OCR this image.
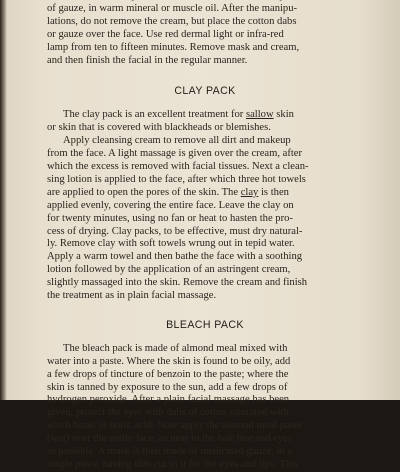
of gauze, in warm mineral or muscle oil. After the manipu-
lations, do not remove the cream, but place the cotton dabs
or gauze over the face. Use red dermal light or infra-red
lamp from ten to fifteen minutes. Remove mask and cream,
and then finish the facial in the regular manner.

CLAY PACK

The clay pack is an excellent treatment for sallow skin
or skin that is covered with blackheads or blemishes.

Apply cleansing cream to remove all dirt and makeup
from the face. A light massage is given over the cream, after
which the excess is removed with facial tissues. Next a clean-
sing lotion is applied to the face, after which three hot towels
are applied to open the pores of the skin. The clay is then
applied evenly, covering the entire face. Leave the clay on
for twenty minutes, using no fan or heat to hasten the pro-
cess of drying. Clay packs, to be effective, must dry natural-
ly. Remove clay with soft towels wrung out in tepid water.
Apply a warm towel and then bathe the face with a soothing
lotion followed by the application of an astringent cream,
slightly massaged into the skin. Remove the cream and finish
the treatment as in plain facial massage.

BLEACH PACK

The bleach pack is made of almond meal mixed with
water into a paste. Where the skin is found to be oily, add
a few drops of tincture of benzoin to the paste; where the
skin is tanned by exposure to the sun, add a few drops of
hydrogen peroxide. After a plain facial massage has been
given, protect the eyes with dabs of cotton saturated with
witch hazel or boric acid. Now apply the almond meal paste
(wet) over the entire face, as near to the hair line and eyes
as possible. A mask is then made of medicated gauze, in a
single piece, having slits cut in it for the eyes and lips. This
